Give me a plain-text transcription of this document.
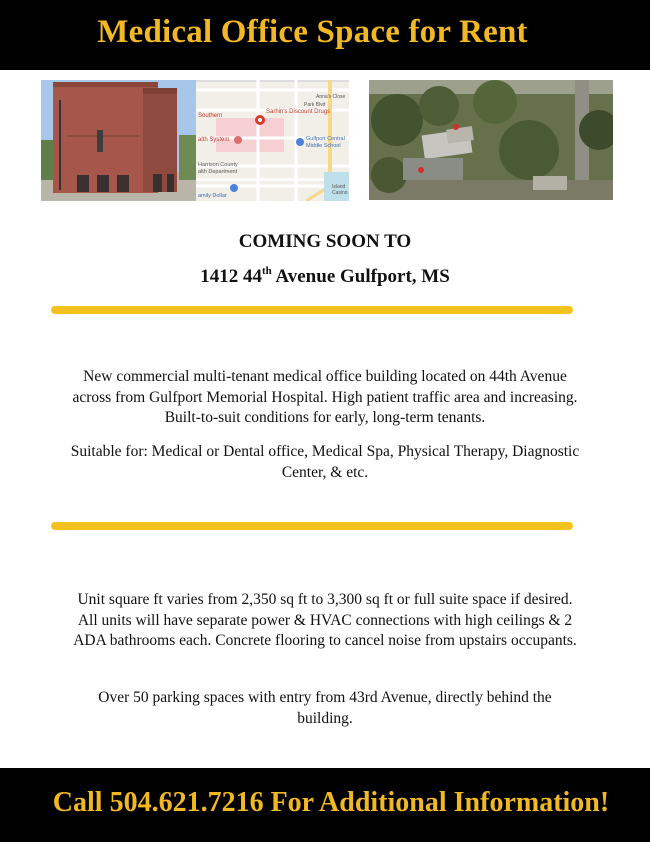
Medical Office Space for Rent
Sarhin's Discount Drugs
Southern
alth System	Gulfport Central
Middle School
Harrison County
alth Department
amily Dollar
Island
Casino
Anna's Close
Park Blvd
COMING SOON TO
1412 44th Avenue Gulfport, MS

New commercial multi-tenant medical office building located on 44th Avenue across from Gulfport Memorial Hospital. High patient traffic area and increasing. Built-to-suit conditions for early, long-term tenants.

Suitable for: Medical or Dental office, Medical Spa, Physical Therapy, Diagnostic Center, & etc.

Unit square ft varies from 2,350 sq ft to 3,300 sq ft or full suite space if desired. All units will have separate power & HVAC connections with high ceilings & 2 ADA bathrooms each. Concrete flooring to cancel noise from upstairs occupants.

Over 50 parking spaces with entry from 43rd Avenue, directly behind the building.

Call 504.621.7216 For Additional Information!
